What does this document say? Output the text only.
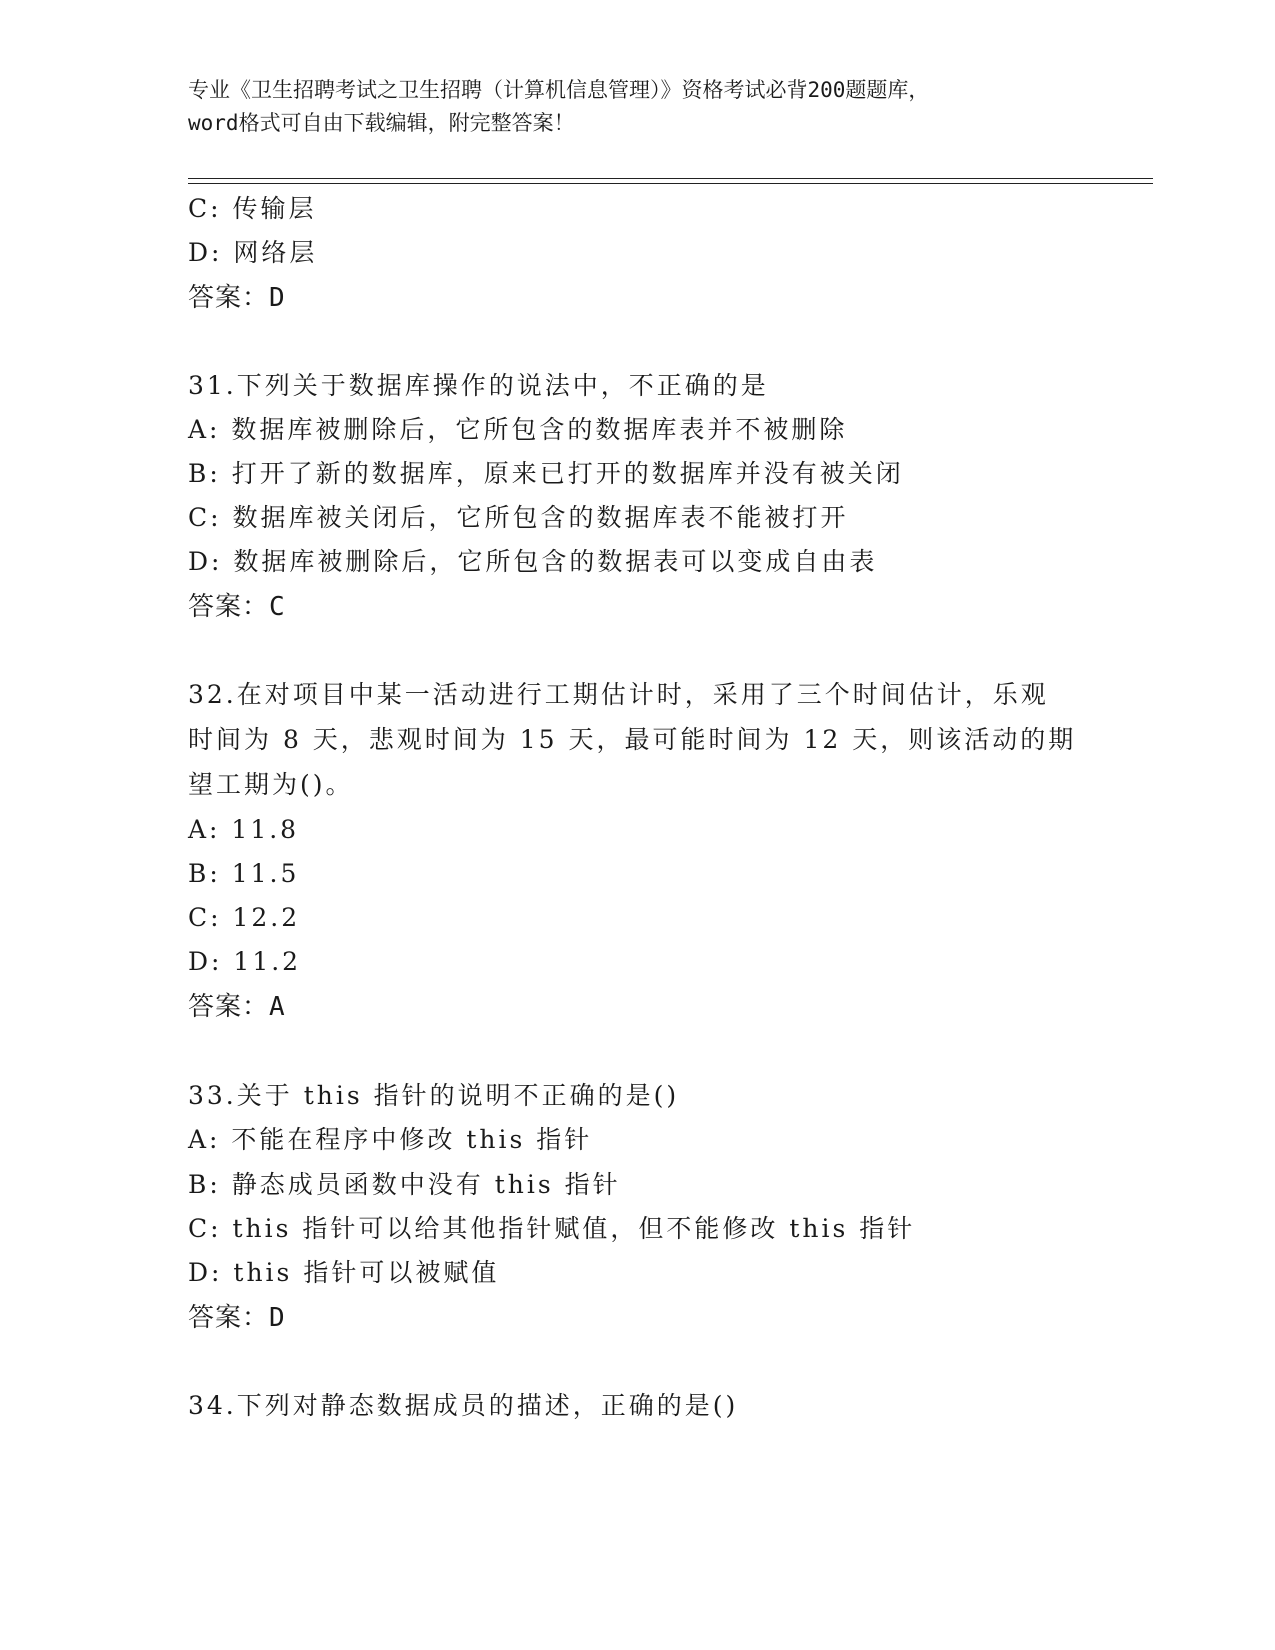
专业《卫生招聘考试之卫生招聘（计算机信息管理）》资格考试必背200题题库，
word格式可自由下载编辑，附完整答案！
C: 传输层
D: 网络层
答案：D
31.下列关于数据库操作的说法中，不正确的是
A: 数据库被删除后，它所包含的数据库表并不被删除
B: 打开了新的数据库，原来已打开的数据库并没有被关闭
C: 数据库被关闭后，它所包含的数据库表不能被打开
D: 数据库被删除后，它所包含的数据表可以变成自由表
答案：C
32.在对项目中某一活动进行工期估计时，采用了三个时间估计，乐观
时间为 8 天，悲观时间为 15 天，最可能时间为 12 天，则该活动的期
望工期为()。
A: 11.8
B: 11.5
C: 12.2
D: 11.2
答案：A
33.关于 this 指针的说明不正确的是()
A: 不能在程序中修改 this 指针
B: 静态成员函数中没有 this 指针
C: this 指针可以给其他指针赋值，但不能修改 this 指针
D: this 指针可以被赋值
答案：D
34.下列对静态数据成员的描述，正确的是()
